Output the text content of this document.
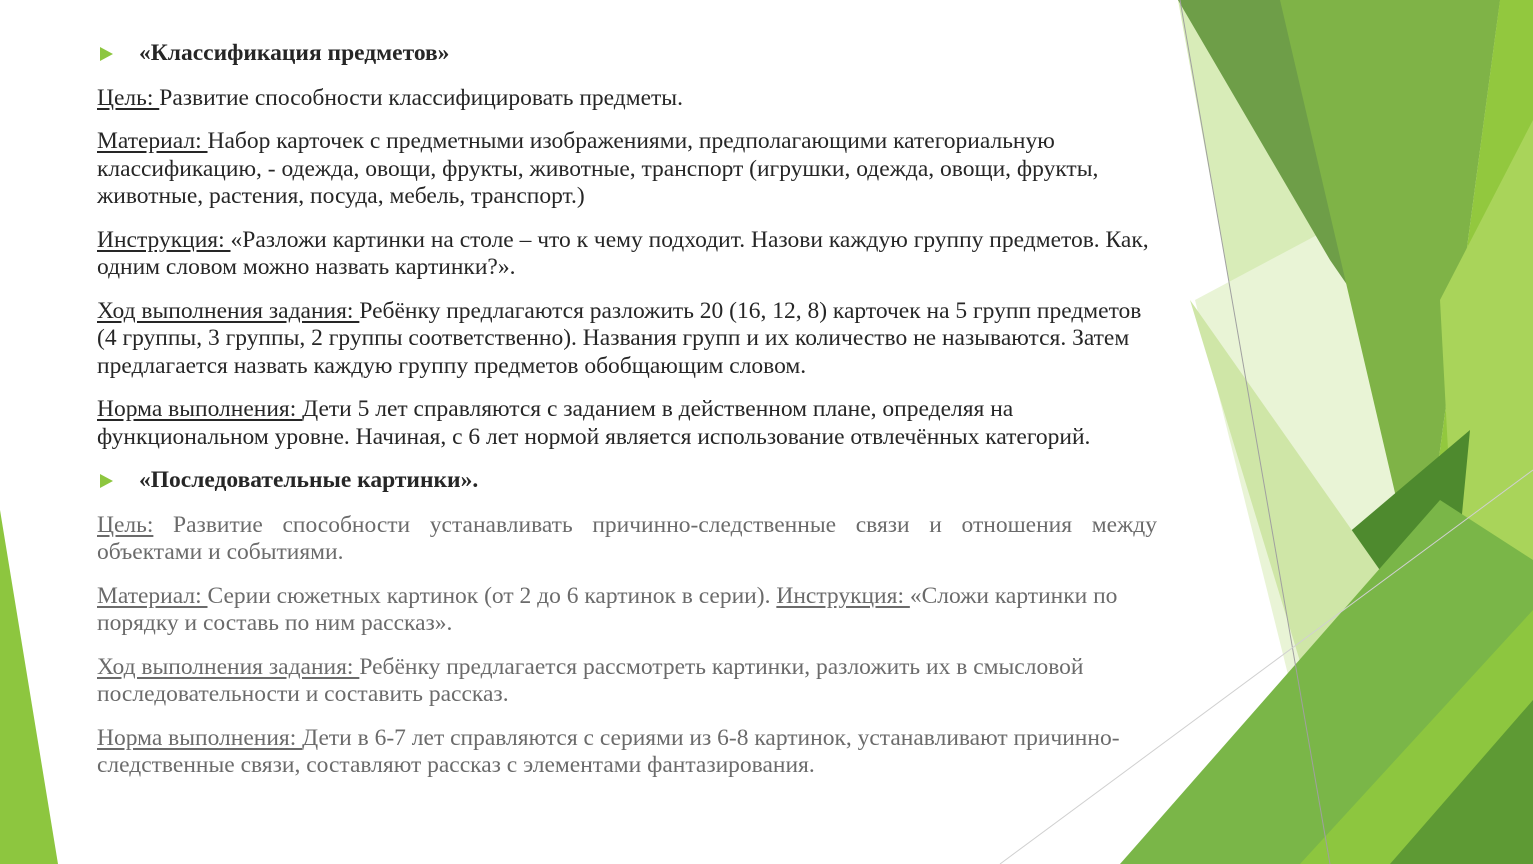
«Классификация предметов»
Цель: Развитие способности классифицировать предметы.
Материал: Набор карточек с предметными изображениями, предполагающими категориальную классификацию, - одежда, овощи, фрукты, животные, транспорт (игрушки, одежда, овощи, фрукты, животные, растения, посуда, мебель, транспорт.)
Инструкция: «Разложи картинки на столе – что к чему подходит. Назови каждую группу предметов. Как, одним словом можно назвать картинки?».
Ход выполнения задания: Ребёнку предлагаются разложить 20 (16, 12, 8) карточек на 5 групп предметов (4 группы, 3 группы, 2 группы соответственно). Названия групп и их количество не называются. Затем предлагается назвать каждую группу предметов обобщающим словом.
Норма выполнения: Дети 5 лет справляются с заданием в действенном плане, определяя на функциональном уровне. Начиная, с 6 лет нормой является использование отвлечённых категорий.
«Последовательные картинки».
Цель: Развитие способности устанавливать причинно-следственные связи и отношения между объектами и событиями.
Материал: Серии сюжетных картинок (от 2 до 6 картинок в серии). Инструкция: «Сложи картинки по порядку и составь по ним рассказ».
Ход выполнения задания: Ребёнку предлагается рассмотреть картинки, разложить их в смысловой последовательности и составить рассказ.
Норма выполнения: Дети в 6-7 лет справляются с сериями из 6-8 картинок, устанавливают причинно-следственные связи, составляют рассказ с элементами фантазирования.
